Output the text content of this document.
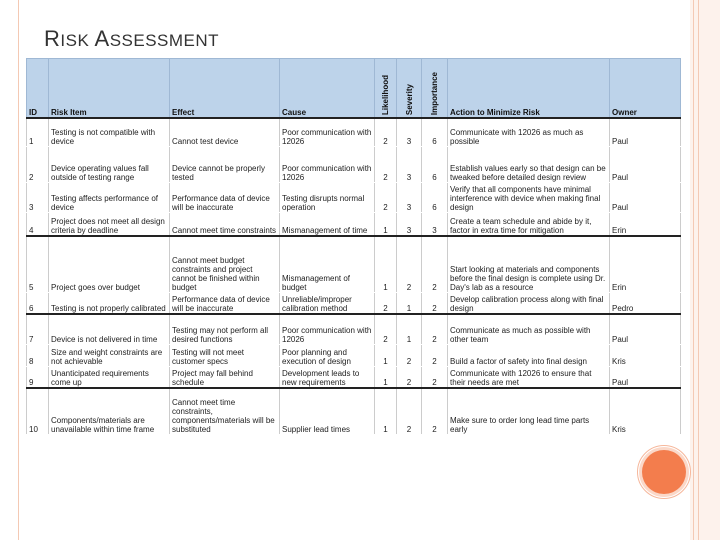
RISK ASSESSMENT
ID	Risk Item	Effect	Cause	Likelihood	Severity	Importance	Action to Minimize Risk	Owner
1	Testing is not compatible with device	Cannot test device	Poor communication with 12026	2	3	6	Communicate with 12026 as much as possible	Paul
2	Device operating values fall outside of testing range	Device cannot be properly tested	Poor communication with 12026	2	3	6	Establish values early so that design can be tweaked before detailed design review	Paul
3	Testing affects performance of device	Performance data of device will be inaccurate	Testing disrupts normal operation	2	3	6	Verify that all components have minimal interference with device when making final design	Paul
4	Project does not meet all design criteria by deadline	Cannot meet time constraints	Mismanagement of time	1	3	3	Create a team schedule and abide by it, factor in extra time for mitigation	Erin
5	Project goes over budget	Cannot meet budget constraints and project cannot be finished within budget	Mismanagement of budget	1	2	2	Start looking at materials and components before the final design is complete using Dr. Day's lab as a resource	Erin
6	Testing is not properly calibrated	Performance data of device will be inaccurate	Unreliable/improper calibration method	2	1	2	Develop calibration process along with final design	Pedro
7	Device is not delivered in time	Testing may not perform all desired functions	Poor communication with 12026	2	1	2	Communicate as much as possible with other team	Paul
8	Size and weight constraints are not achievable	Testing will not meet customer specs	Poor planning and execution of design	1	2	2	Build a factor of safety into final design	Kris
9	Unanticipated requirements come up	Project may fall behind schedule	Development leads to new requirements	1	2	2	Communicate with 12026 to ensure that their needs are met	Paul
10	Components/materials are unavailable within time frame	Cannot meet time constraints, components/materials will be substituted	Supplier lead times	1	2	2	Make sure to order long lead time parts early	Kris
